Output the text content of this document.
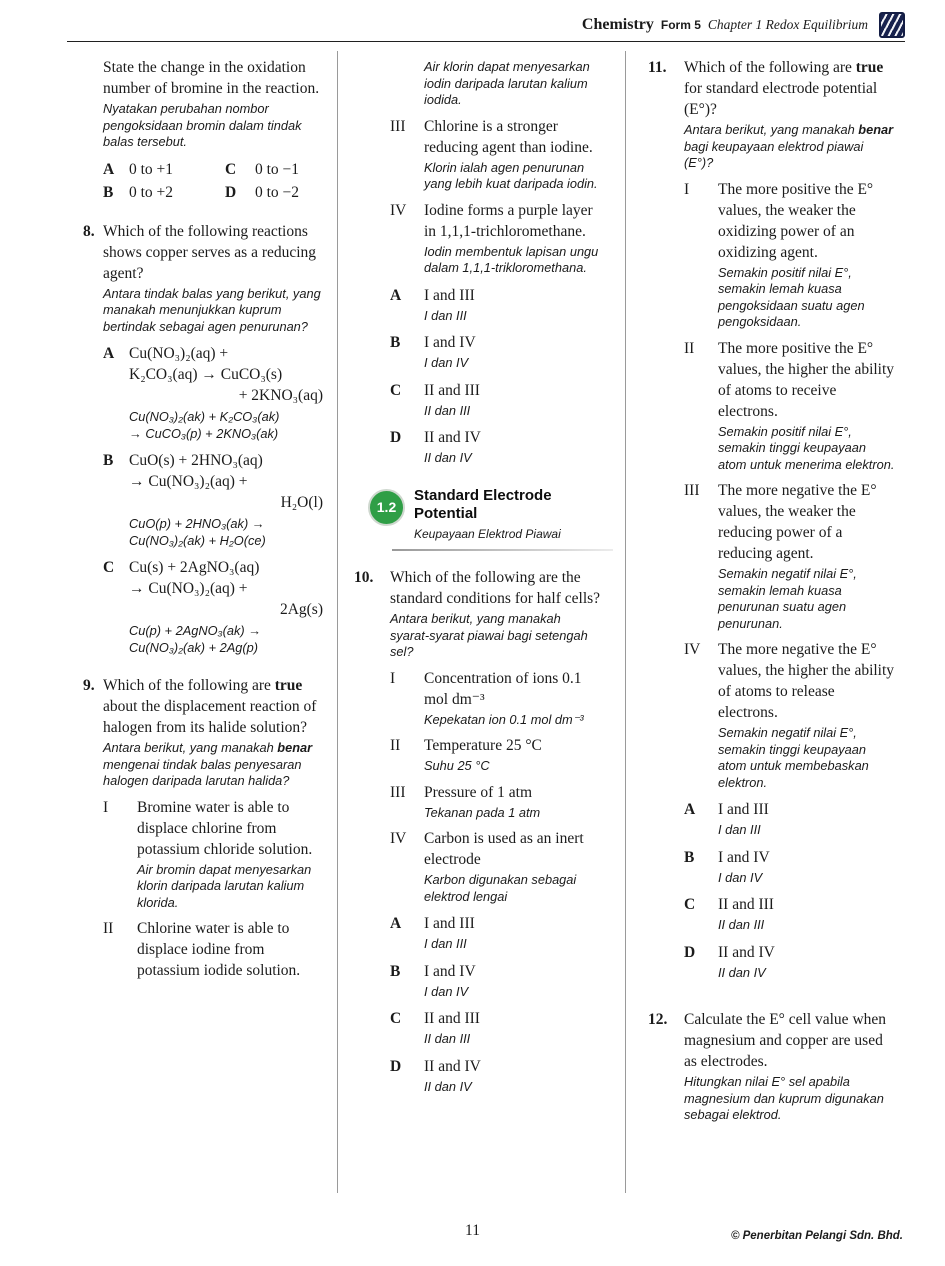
Chemistry Form 5 Chapter 1 Redox Equilibrium

State the change in the oxidation number of bromine in the reaction.

Nyatakan perubahan nombor pengoksidaan bromin dalam tindak balas tersebut.

A 0 to +1	C	0 to −1
B	0 to +2	D	0 to −2
8. Which of the following reactions shows copper serves as a reducing agent?

Antara tindak balas yang berikut, yang manakah menunjukkan kuprum bertindak sebagai agen penurunan?

A Cu(NO₃)₂(aq) +
K₂CO₃(aq) → CuCO₃(s)
+ 2KNO₃(aq)
Cu(NO₃)₂(ak) + K₂CO₃(ak)
→ CuCO₃(p) + 2KNO₃(ak)
B	CuO(s) + 2HNO₃(aq)
→ Cu(NO₃)₂(aq) +
H₂O(l)
CuO(p) + 2HNO₃(ak) →
Cu(NO₃)₂(ak) + H₂O(ce)
C Cu(s) + 2AgNO₃(aq)
→ Cu(NO₃)₂(aq) +
2Ag(s)
Cu(p) + 2AgNO₃(ak) →
Cu(NO₃)₂(ak) + 2Ag(p)
9. Which of the following are true about the displacement reaction of halogen from its halide solution?

Antara berikut, yang manakah benar mengenai tindak balas penyesaran halogen daripada larutan halida?

I	Bromine water is able to displace chlorine from potassium chloride solution.

Air bromin dapat menyesarkan klorin daripada larutan kalium klorida.

II	Chlorine water is able to displace iodine from potassium iodide solution.

Air klorin dapat menyesarkan iodin daripada larutan kalium iodida.

III	Chlorine is a stronger reducing agent than iodine.

Klorin ialah agen penurunan yang lebih kuat daripada iodin.

IV	Iodine forms a purple layer in 1,1,1-trichloromethane.

Iodin membentuk lapisan ungu dalam 1,1,1-trikloromethana.

A	I and III
I dan III
B	I and IV
I dan IV
C	II and III
II dan III
D	II and IV
II dan IV
1.2
Standard Electrode
Potential
Keupayaan Elektrod Piawai
10.	Which of the following are the standard conditions for half cells?

Antara berikut, yang manakah syarat-syarat piawai bagi setengah sel?

I	Concentration of ions 0.1 mol dm⁻³

Kepekatan ion 0.1 mol dm⁻³

II	Temperature 25 °C

Suhu 25 °C

III	Pressure of 1 atm

Tekanan pada 1 atm

IV	Carbon is used as an inert electrode

Karbon digunakan sebagai elektrod lengai

A	I and III
I dan III
B	I and IV
I dan IV
C	II and III
II dan III
D	II and IV
II dan IV
11.	Which of the following are true for standard electrode potential (E°)?

Antara berikut, yang manakah benar bagi keupayaan elektrod piawai (E°)?

I	The more positive the E° values, the weaker the oxidizing power of an oxidizing agent.

Semakin positif nilai E°, semakin lemah kuasa pengoksidaan suatu agen pengoksidaan.

II	The more positive the E° values, the higher the ability of atoms to receive electrons.

Semakin positif nilai E°, semakin tinggi keupayaan atom untuk menerima elektron.

III	The more negative the E° values, the weaker the reducing power of a reducing agent.

Semakin negatif nilai E°, semakin lemah kuasa penurunan suatu agen penurunan.

IV	The more negative the E° values, the higher the ability of atoms to release electrons.

Semakin negatif nilai E°, semakin tinggi keupayaan atom untuk membebaskan elektron.

A	I and III
I dan III
B	I and IV
I dan IV
C	II and III
II dan III
D	II and IV
II dan IV
12.	Calculate the E° cell value when magnesium and copper are used as electrodes.

Hitungkan nilai E° sel apabila magnesium dan kuprum digunakan sebagai elektrod.

11	© Penerbitan Pelangi Sdn. Bhd.
